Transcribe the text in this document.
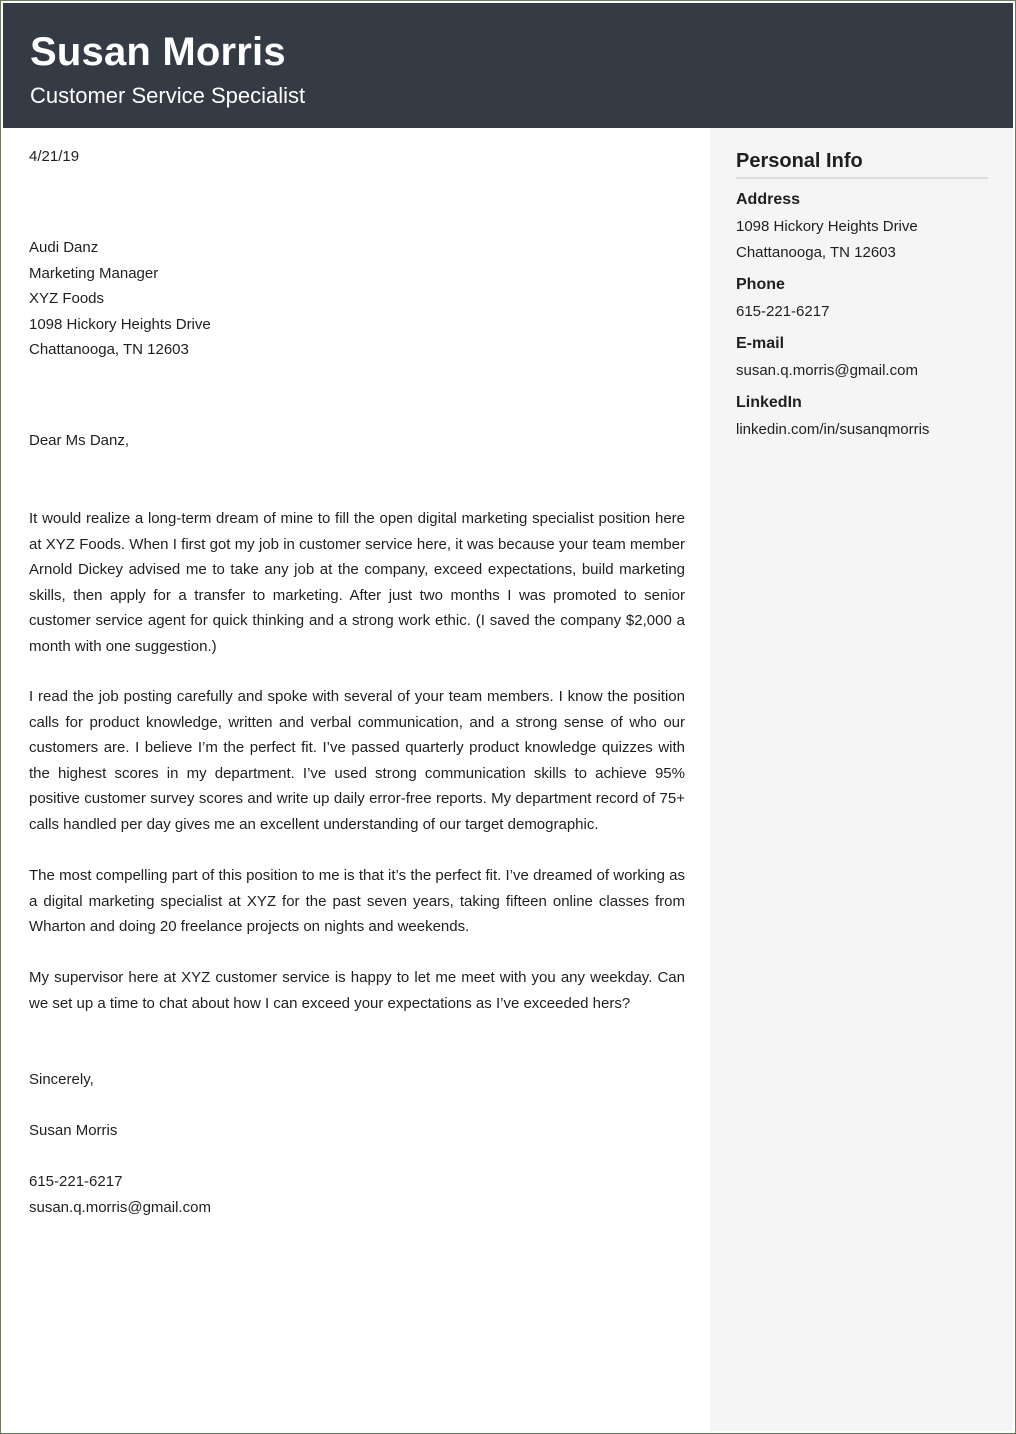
Susan Morris
Customer Service Specialist
Personal Info
Address
1098 Hickory Heights Drive
Chattanooga, TN 12603
Phone
615-221-6217
E-mail
susan.q.morris@gmail.com
LinkedIn
linkedin.com/in/susanqmorris
4/21/19

Audi Danz

Marketing Manager

XYZ Foods

1098 Hickory Heights Drive

Chattanooga, TN 12603

Dear Ms Danz,
It would realize a long-term dream of mine to fill the open digital marketing specialist position here at XYZ Foods. When I first got my job in customer service here, it was because your team member Arnold Dickey advised me to take any job at the company, exceed expectations, build marketing skills, then apply for a transfer to marketing. After just two months I was promoted to senior customer service agent for quick thinking and a strong work ethic. (I saved the company $2,000 a month with one suggestion.)
I read the job posting carefully and spoke with several of your team members. I know the position calls for product knowledge, written and verbal communication, and a strong sense of who our customers are. I believe I’m the perfect fit. I’ve passed quarterly product knowledge quizzes with the highest scores in my department. I’ve used strong communication skills to achieve 95% positive customer survey scores and write up daily error-free reports. My department record of 75+ calls handled per day gives me an excellent understanding of our target demographic.
The most compelling part of this position to me is that it’s the perfect fit. I’ve dreamed of working as a digital marketing specialist at XYZ for the past seven years, taking fifteen online classes from Wharton and doing 20 freelance projects on nights and weekends.
My supervisor here at XYZ customer service is happy to let me meet with you any weekday. Can we set up a time to chat about how I can exceed your expectations as I’ve exceeded hers?
Sincerely,
Susan Morris

615-221-6217

susan.q.morris@gmail.com
